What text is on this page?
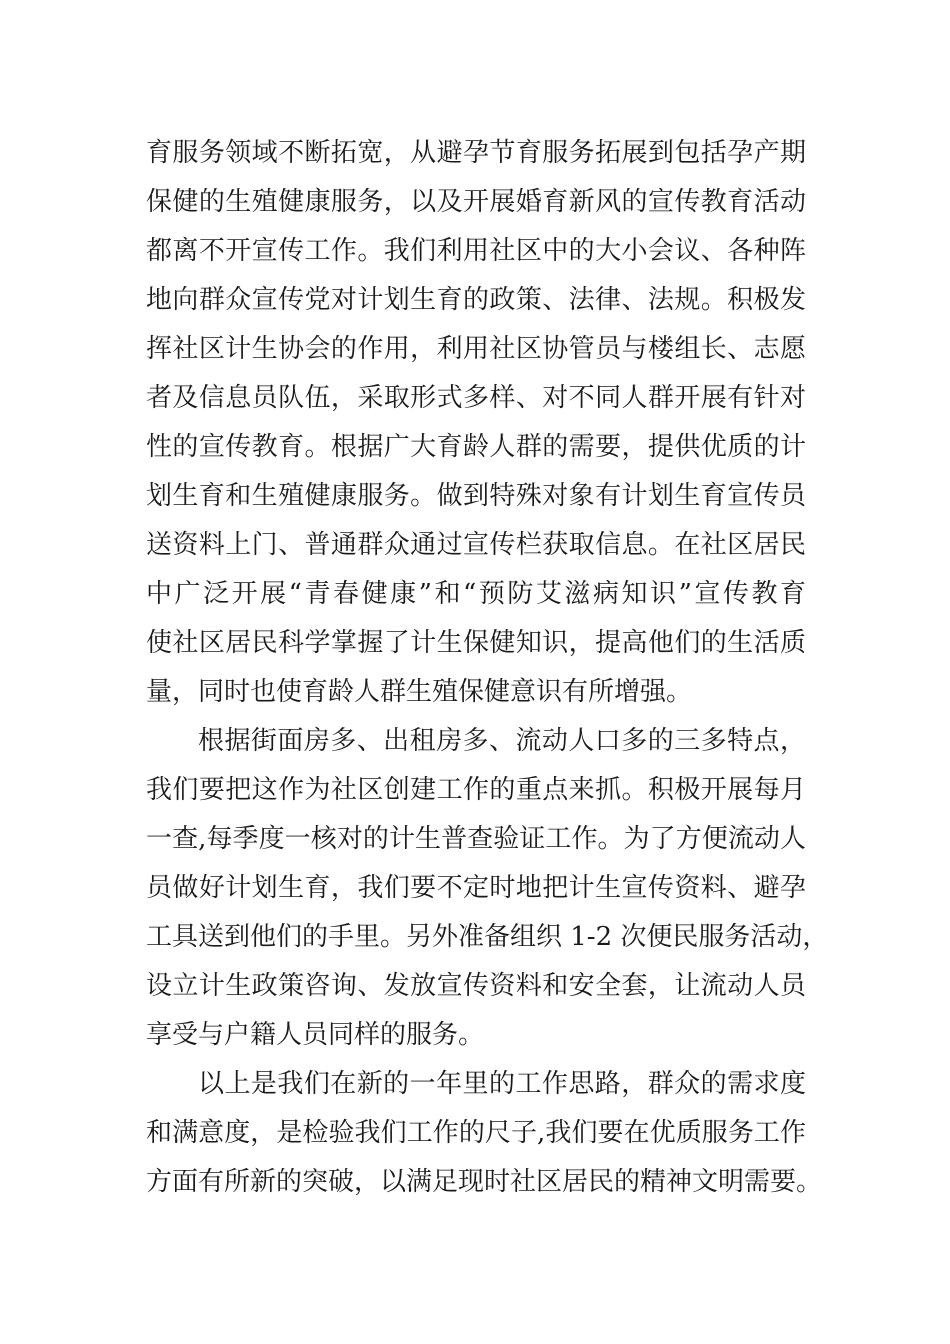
育服务领域不断拓宽，从避孕节育服务拓展到包括孕产期
保健的生殖健康服务，以及开展婚育新风的宣传教育活动
都离不开宣传工作。我们利用社区中的大小会议、各种阵
地向群众宣传党对计划生育的政策、法律、法规。积极发
挥社区计生协会的作用，利用社区协管员与楼组长、志愿
者及信息员队伍，采取形式多样、对不同人群开展有针对
性的宣传教育。根据广大育龄人群的需要，提供优质的计
划生育和生殖健康服务。做到特殊对象有计划生育宣传员
送资料上门、普通群众通过宣传栏获取信息。在社区居民
中广泛开展“青春健康”和“预防艾滋病知识”宣传教育
使社区居民科学掌握了计生保健知识，提高他们的生活质
量，同时也使育龄人群生殖保健意识有所增强。
根据街面房多、出租房多、流动人口多的三多特点，
我们要把这作为社区创建工作的重点来抓。积极开展每月
一查,每季度一核对的计生普查验证工作。为了方便流动人
员做好计划生育，我们要不定时地把计生宣传资料、避孕
工具送到他们的手里。另外准备组织 1-2 次便民服务活动，
设立计生政策咨询、发放宣传资料和安全套，让流动人员
享受与户籍人员同样的服务。
以上是我们在新的一年里的工作思路，群众的需求度
和满意度，是检验我们工作的尺子,我们要在优质服务工作
方面有所新的突破，以满足现时社区居民的精神文明需要。
